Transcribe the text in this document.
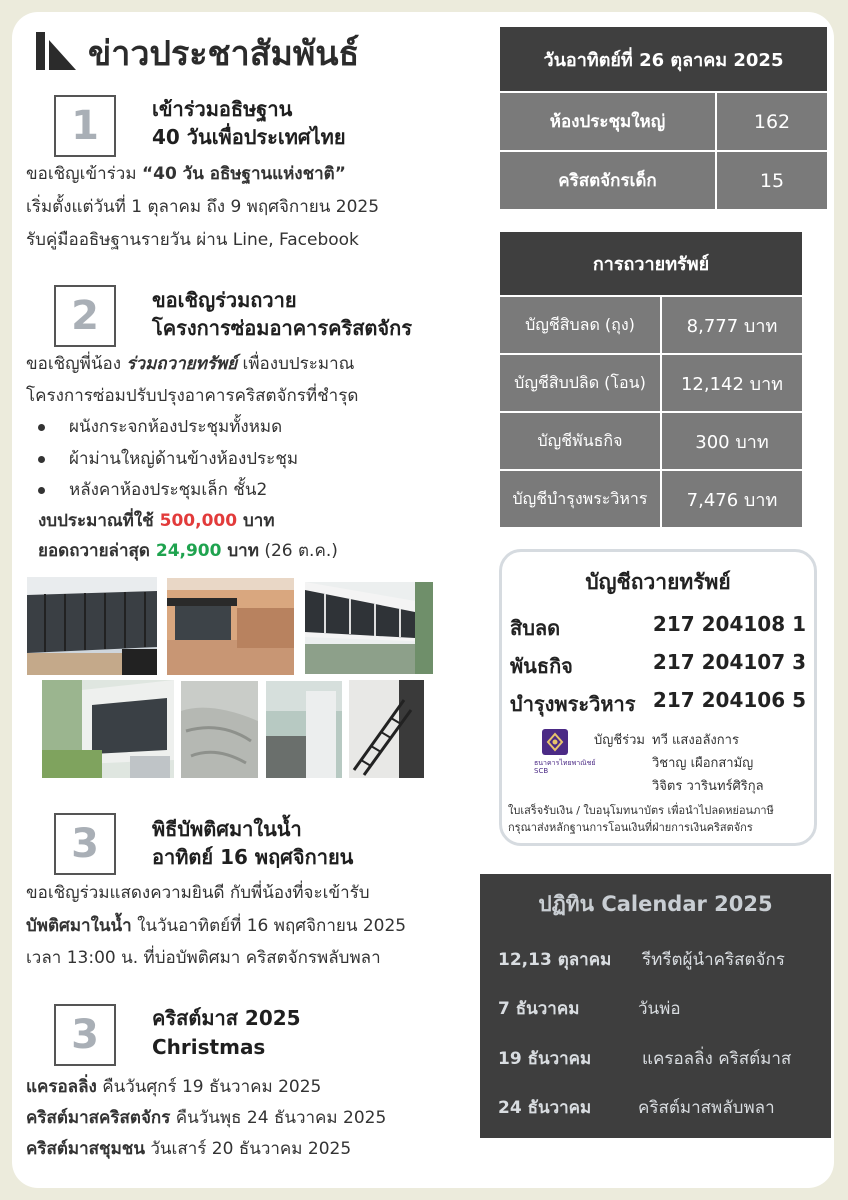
ข่าวประชาสัมพันธ์
1	เข้าร่วมอธิษฐาน
40 วันเพื่อประเทศไทย
ขอเชิญเข้าร่วม “40 วัน อธิษฐานแห่งชาติ”
เริ่มตั้งแต่วันที่ 1 ตุลาคม ถึง 9 พฤศจิกายน 2025
รับคู่มืออธิษฐานรายวัน ผ่าน Line, Facebook
2	ขอเชิญร่วมถวาย
โครงการซ่อมอาคารคริสตจักร
ขอเชิญพี่น้อง ร่วมถวายทรัพย์ เพื่องบประมาณ
โครงการซ่อมปรับปรุงอาคารคริสตจักรที่ชำรุด
ผนังกระจกห้องประชุมทั้งหมด
ผ้าม่านใหญ่ด้านข้างห้องประชุม
หลังคาห้องประชุมเล็ก ชั้น2
งบประมาณที่ใช้ 500,000 บาท
ยอดถวายล่าสุด 24,900 บาท (26 ต.ค.)
3	พิธีบัพติศมาในน้ำ
อาทิตย์ 16 พฤศจิกายน
ขอเชิญร่วมแสดงความยินดี กับพี่น้องที่จะเข้ารับ
บัพติศมาในน้ำ ในวันอาทิตย์ที่ 16 พฤศจิกายน 2025
เวลา 13:00 น. ที่บ่อบัพติศมา คริสตจักรพลับพลา
3	คริสต์มาส 2025
Christmas
แครอลลิ่ง คืนวันศุกร์ 19 ธันวาคม 2025
คริสต์มาสคริสตจักร คืนวันพุธ 24 ธันวาคม 2025
คริสต์มาสชุมชน วันเสาร์ 20 ธันวาคม 2025
วันอาทิตย์ที่ 26 ตุลาคม 2025	
ห้องประชุมใหญ่	162
คริสตจักรเด็ก	15
การถวายทรัพย์	
บัญชีสิบลด (ถุง)	8,777 บาท
บัญชีสิบปลิด (โอน)	12,142 บาท
บัญชีพันธกิจ	300 บาท
บัญชีบำรุงพระวิหาร	7,476 บาท
บัญชีถวายทรัพย์
สิบลด	217 204108 1
พันธกิจ	217 204107 3
บำรุงพระวิหาร 217 204106 5
ธนาคารไทยพาณิชย์
SCB
บัญชีร่วม ทวี แสงอลังการ
วิชาญ เผือกสามัญ
วิจิตร วารินทร์ศิริกุล
ใบเสร็จรับเงิน / ใบอนุโมทนาบัตร เพื่อนำไปลดหย่อนภาษี
กรุณาส่งหลักฐานการโอนเงินที่ฝ่ายการเงินคริสตจักร
ปฏิทิน Calendar 2025
12,13 ตุลาคม รีทรีตผู้นำคริสตจักร
7 ธันวาคม	วันพ่อ
19 ธันวาคม	แครอลลิ่ง คริสต์มาส
24 ธันวาคม	คริสต์มาสพลับพลา
